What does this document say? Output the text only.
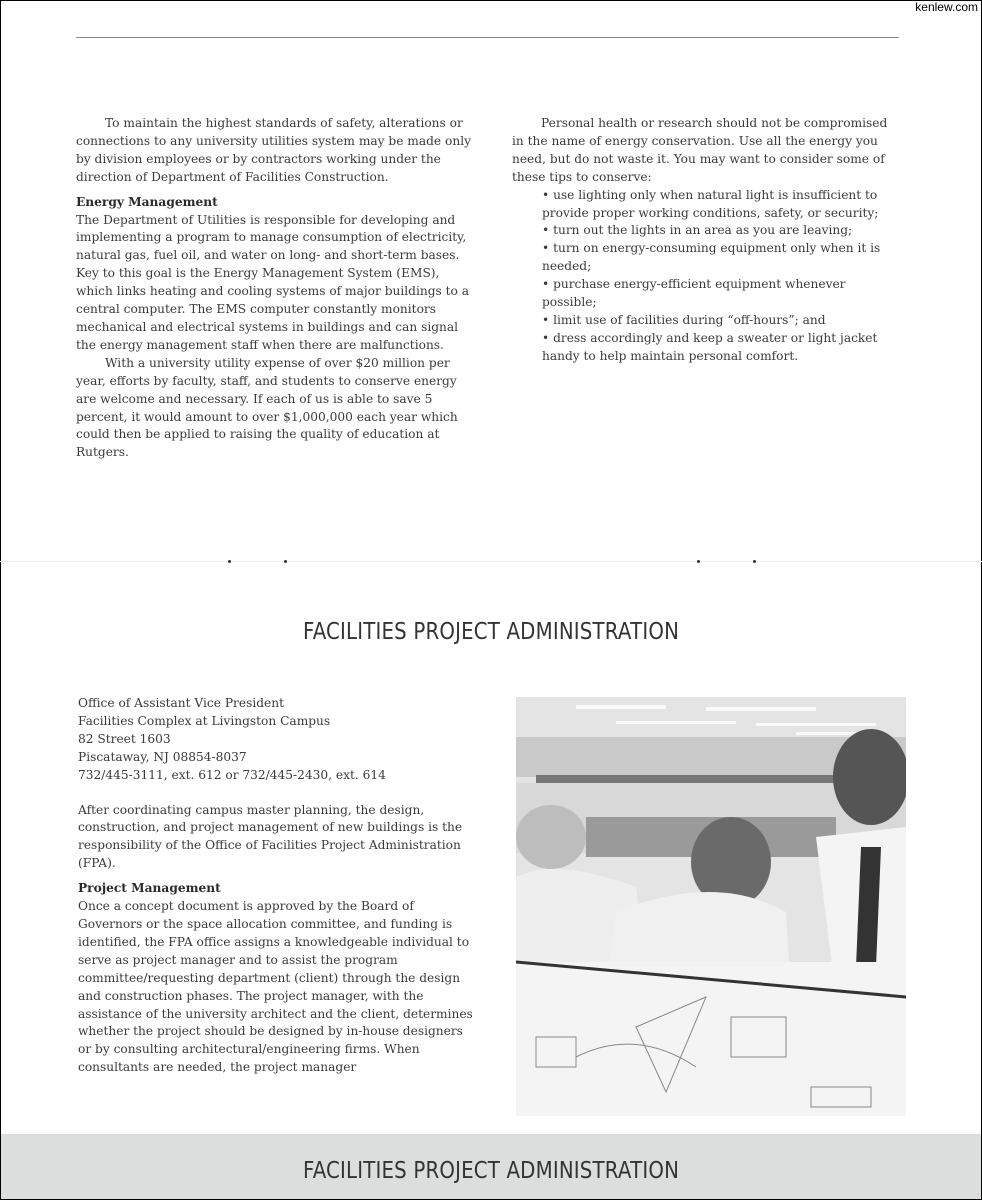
kenlew.com

To maintain the highest standards of safety, alterations or connections to any university utilities system may be made only by division employees or by contractors working under the direction of Department of Facilities Construction.

Energy Management

The Department of Utilities is responsible for developing and implementing a program to manage consumption of electricity, natural gas, fuel oil, and water on long- and short-term bases. Key to this goal is the Energy Management System (EMS), which links heating and cooling systems of major buildings to a central computer. The EMS computer constantly monitors mechanical and electrical systems in buildings and can signal the energy management staff when there are malfunctions.

With a university utility expense of over $20 million per year, efforts by faculty, staff, and students to conserve energy are welcome and necessary. If each of us is able to save 5 percent, it would amount to over $1,000,000 each year which could then be applied to raising the quality of education at Rutgers.

Personal health or research should not be compromised in the name of energy conservation. Use all the energy you need, but do not waste it. You may want to consider some of these tips to conserve:

• use lighting only when natural light is insufficient to provide proper working conditions, safety, or security;
• turn out the lights in an area as you are leaving;
• turn on energy-consuming equipment only when it is needed;
• purchase energy-efficient equipment whenever possible;
• limit use of facilities during “off-hours”; and
• dress accordingly and keep a sweater or light jacket handy to help maintain personal comfort.
FACILITIES PROJECT ADMINISTRATION
Office of Assistant Vice President
Facilities Complex at Livingston Campus
82 Street 1603
Piscataway, NJ 08854-8037
732/445-3111, ext. 612 or 732/445-2430, ext. 614

After coordinating campus master planning, the design, construction, and project management of new buildings is the responsibility of the Office of Facilities Project Administration (FPA).

Project Management

Once a concept document is approved by the Board of Governors or the space allocation committee, and funding is identified, the FPA office assigns a knowledgeable individual to serve as project manager and to assist the program committee/requesting department (client) through the design and construction phases. The project manager, with the assistance of the university architect and the client, determines whether the project should be designed by in-house designers or by consulting architectural/engineering firms. When consultants are needed, the project manager

FACILITIES PROJECT ADMINISTRATION
